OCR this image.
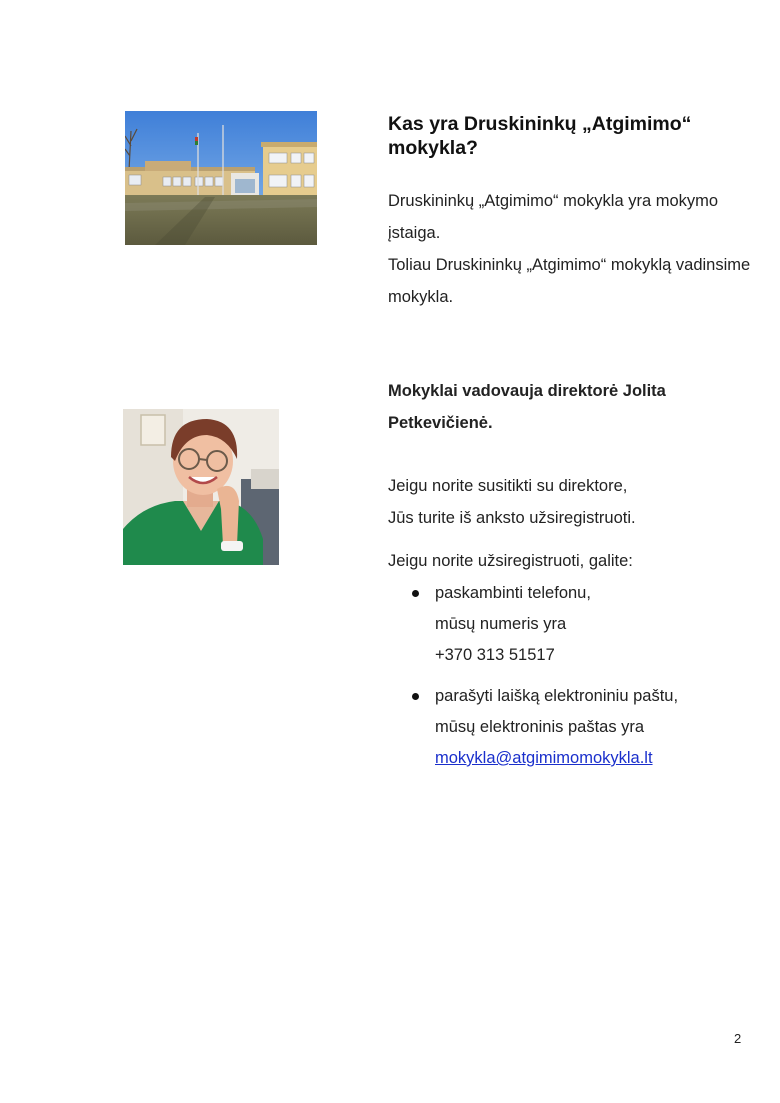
Kas yra Druskininkų „Atgimimo“
mokykla?
Druskininkų „Atgimimo“ mokykla yra mokymo
įstaiga.
Toliau Druskininkų „Atgimimo“ mokyklą vadinsime
mokykla.
Mokyklai vadovauja direktorė Jolita
Petkevičienė.
Jeigu norite susitikti su direktore,
Jūs turite iš anksto užsiregistruoti.
Jeigu norite užsiregistruoti, galite:
paskambinti telefonu,
mūsų numeris yra
+370 313 51517
parašyti laišką elektroniniu paštu,
mūsų elektroninis paštas yra
mokykla@atgimimomokykla.lt
2
